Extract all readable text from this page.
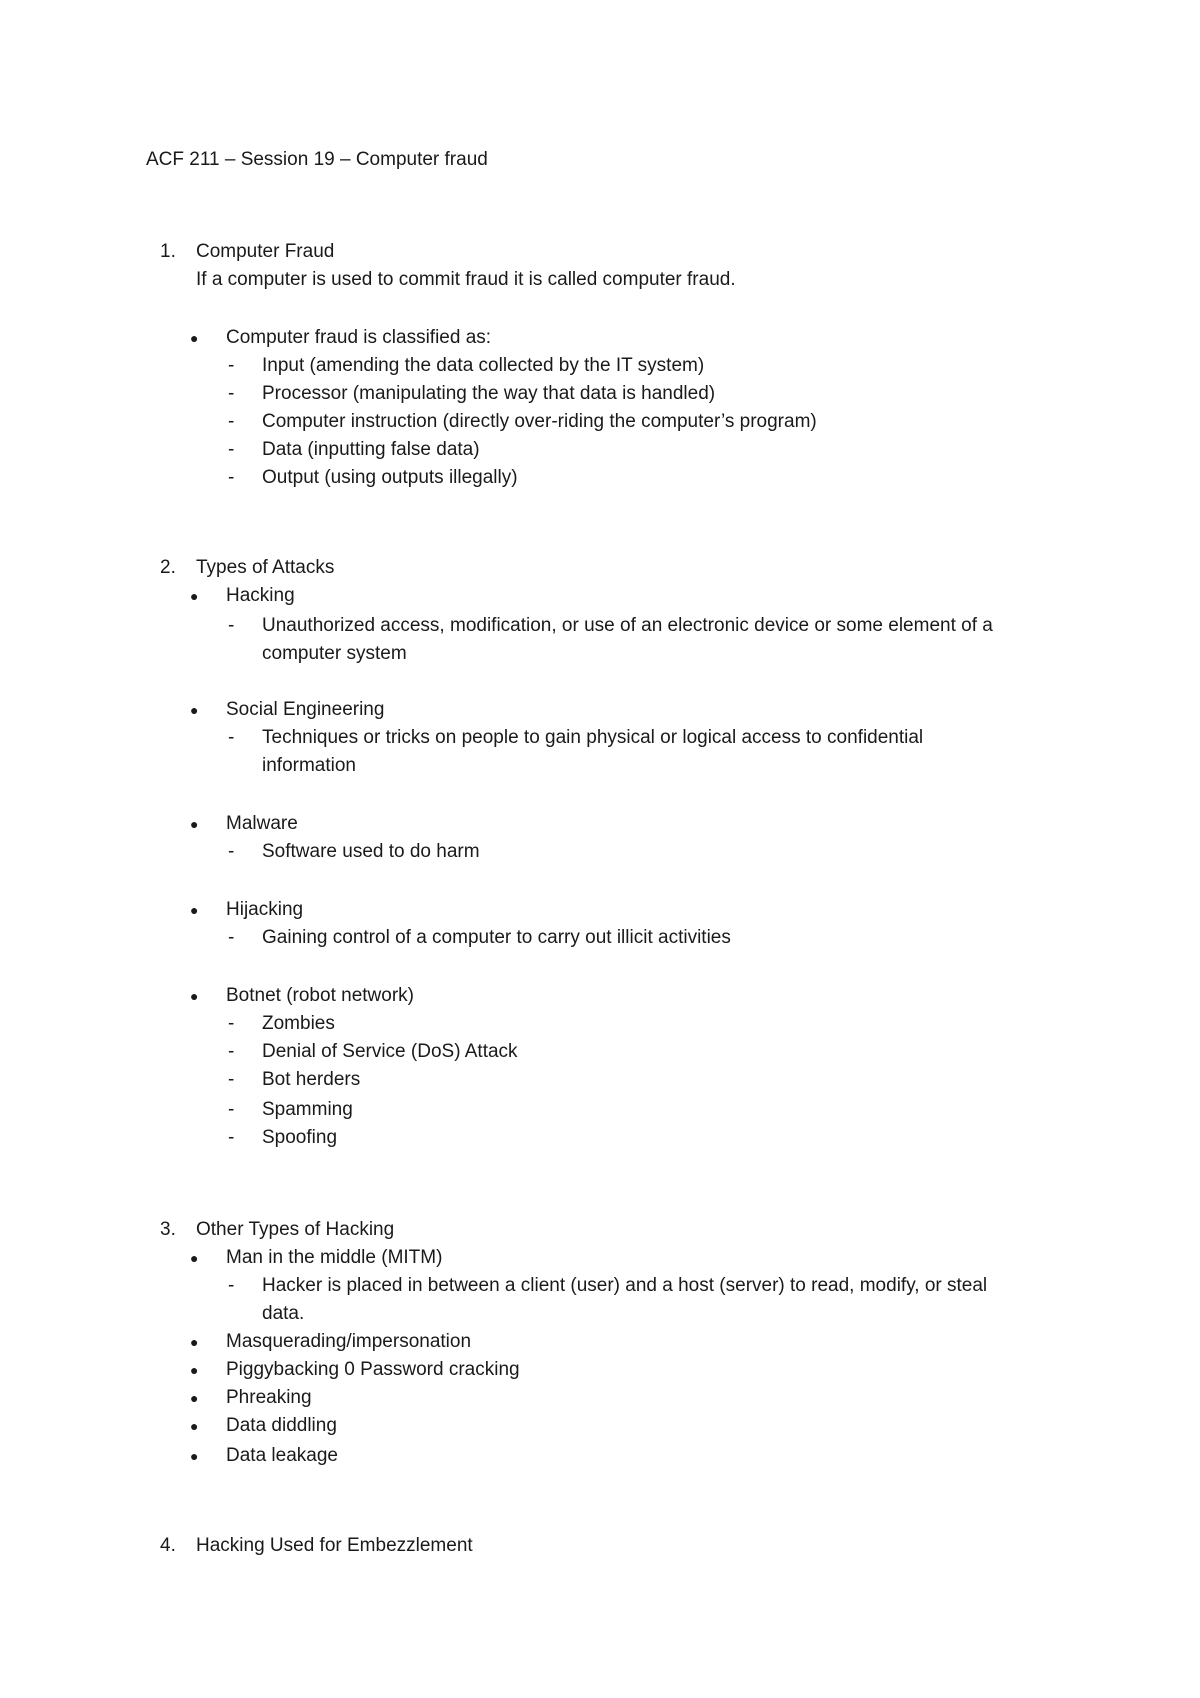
ACF 211 – Session 19 – Computer fraud
1. Computer Fraud
If a computer is used to commit fraud it is called computer fraud.
● Computer fraud is classified as:
- Input (amending the data collected by the IT system)
- Processor (manipulating the way that data is handled)
- Computer instruction (directly over-riding the computer’s program)
- Data (inputting false data)
- Output (using outputs illegally)
2. Types of Attacks
● Hacking
- Unauthorized access, modification, or use of an electronic device or some element of a
computer system
● Social Engineering
- Techniques or tricks on people to gain physical or logical access to confidential
information
● Malware
- Software used to do harm
● Hijacking
- Gaining control of a computer to carry out illicit activities
● Botnet (robot network)
- Zombies
- Denial of Service (DoS) Attack
- Bot herders
- Spamming
- Spoofing
3. Other Types of Hacking
● Man in the middle (MITM)
- Hacker is placed in between a client (user) and a host (server) to read, modify, or steal
data.
● Masquerading/impersonation
● Piggybacking 0 Password cracking
● Phreaking
● Data diddling
● Data leakage
4. Hacking Used for Embezzlement
